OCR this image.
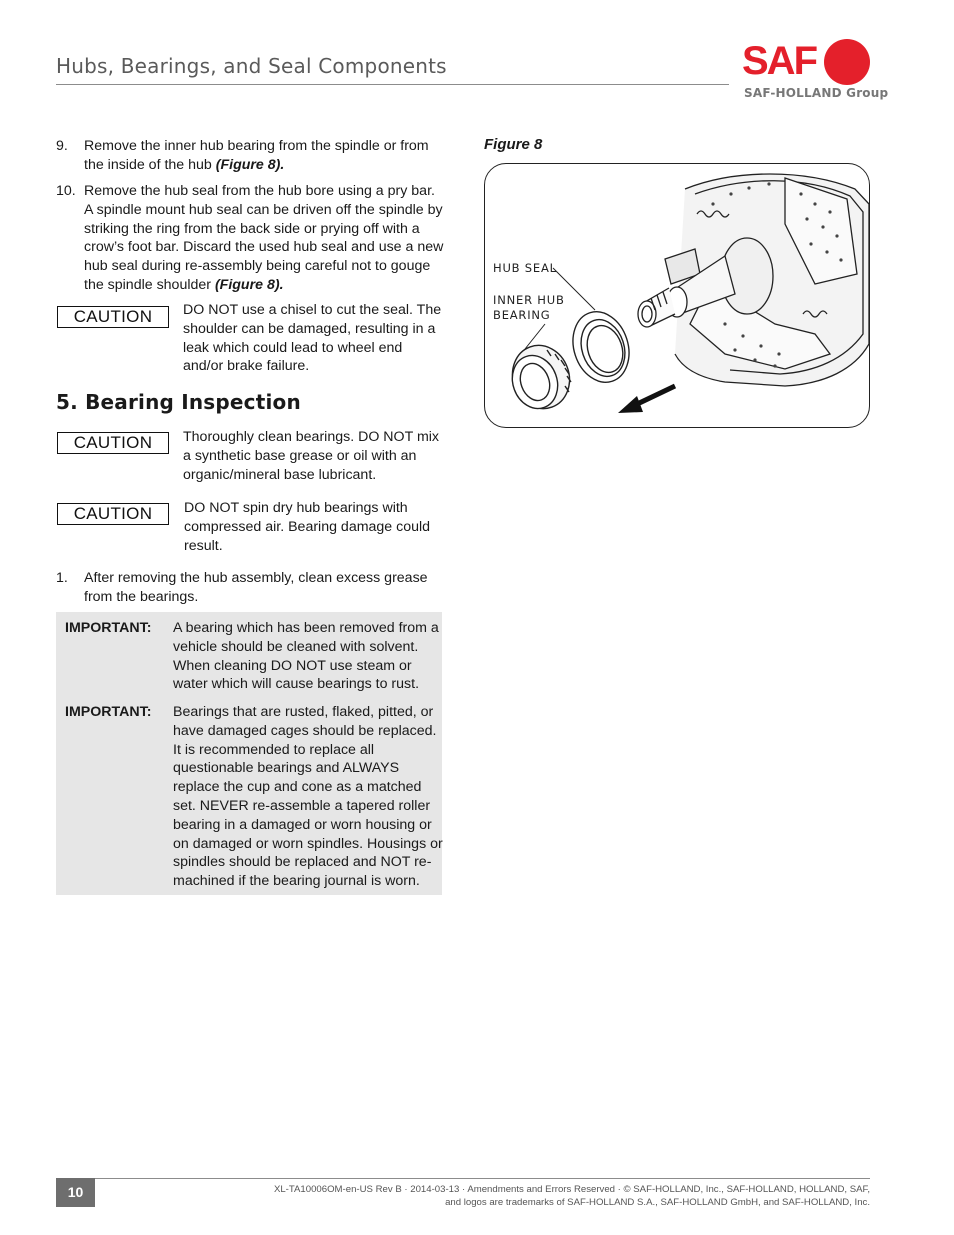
Hubs, Bearings, and Seal Components	SAF
SAF-HOLLAND Group
9. Remove the inner hub bearing from the spindle or from the inside of the hub (Figure 8).
10. Remove the hub seal from the hub bore using a pry bar. A spindle mount hub seal can be driven off the spindle by striking the ring from the back side or prying off with a crow’s foot bar. Discard the used hub seal and use a new hub seal during re-assembly being careful not to gouge the spindle shoulder (Figure 8).
CAUTION	DO NOT use a chisel to cut the seal. The shoulder can be damaged, resulting in a leak which could lead to wheel end and/or brake failure.
5. Bearing Inspection
CAUTION	Thoroughly clean bearings. DO NOT mix a synthetic base grease or oil with an organic/mineral base lubricant.
CAUTION	DO NOT spin dry hub bearings with compressed air. Bearing damage could result.
1. After removing the hub assembly, clean excess grease from the bearings.
IMPORTANT: A bearing which has been removed from a vehicle should be cleaned with solvent. When cleaning DO NOT use steam or water which will cause bearings to rust.
IMPORTANT: Bearings that are rusted, flaked, pitted, or have damaged cages should be replaced. It is recommended to replace all questionable bearings and ALWAYS replace the cup and cone as a matched set. NEVER re-assemble a tapered roller bearing in a damaged or worn housing or on damaged or worn spindles. Housings or spindles should be replaced and NOT re-machined if the bearing journal is worn.
Figure 8
HUB SEAL
INNER HUB
BEARING
10	XL-TA10006OM-en-US Rev B · 2014-03-13 · Amendments and Errors Reserved · © SAF-HOLLAND, Inc., SAF-HOLLAND, HOLLAND, SAF,
and logos are trademarks of SAF-HOLLAND S.A., SAF-HOLLAND GmbH, and SAF-HOLLAND, Inc.
